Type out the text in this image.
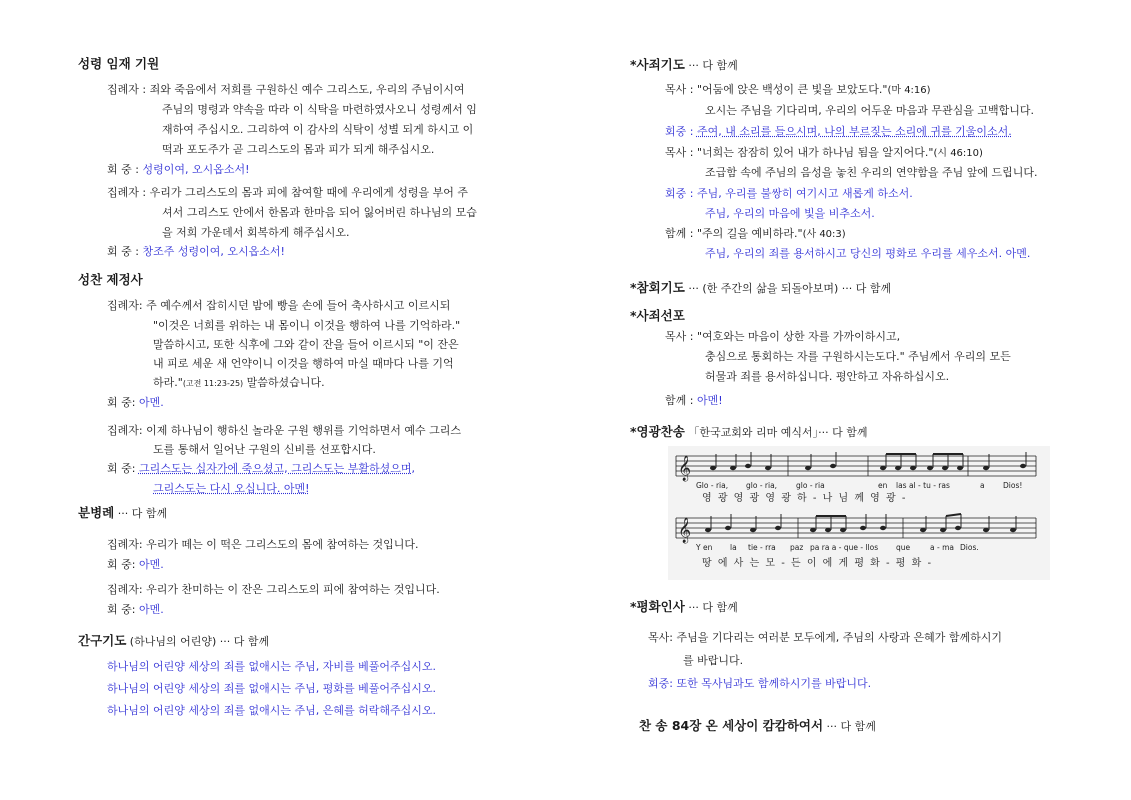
성령 임재 기원
집례자 : 죄와 죽음에서 저희를 구원하신 예수 그리스도, 우리의 주님이시여
주님의 명령과 약속을 따라 이 식탁을 마련하였사오니 성령께서 임
재하여 주십시오. 그리하여 이 감사의 식탁이 성별 되게 하시고 이
떡과 포도주가 곧 그리스도의 몸과 피가 되게 해주십시오.
회 중 : 성령이여, 오시옵소서!
집례자 : 우리가 그리스도의 몸과 피에 참여할 때에 우리에게 성령을 부어 주
셔서 그리스도 안에서 한몸과 한마음 되어 잃어버린 하나님의 모습
을 저희 가운데서 회복하게 해주십시오.
회 중 : 창조주 성령이여, 오시옵소서!
성찬 제정사
집례자: 주 예수께서 잡히시던 밤에 빵을 손에 들어 축사하시고 이르시되
"이것은 너희를 위하는 내 몸이니 이것을 행하여 나를 기억하라."
말씀하시고, 또한 식후에 그와 같이 잔을 들어 이르시되 "이 잔은
내 피로 세운 새 언약이니 이것을 행하여 마실 때마다 나를 기억
하라."(고전 11:23-25) 말씀하셨습니다.
회 중: 아멘.
집례자: 이제 하나님이 행하신 놀라운 구원 행위를 기억하면서 예수 그리스
도를 통해서 일어난 구원의 신비를 선포합시다.
회 중: 그리스도는 십자가에 죽으셨고, 그리스도는 부활하셨으며,
그리스도는 다시 오십니다. 아멘!
분병례 ··· 다 함께
집례자: 우리가 떼는 이 떡은 그리스도의 몸에 참여하는 것입니다.
회 중: 아멘.
집례자: 우리가 찬미하는 이 잔은 그리스도의 피에 참여하는 것입니다.
회 중: 아멘.
간구기도 (하나님의 어린양) ··· 다 함께
하나님의 어린양 세상의 죄를 없애시는 주님, 자비를 베풀어주십시오.
하나님의 어린양 세상의 죄를 없애시는 주님, 평화를 베풀어주십시오.
하나님의 어린양 세상의 죄를 없애시는 주님, 은혜를 허락해주십시오.
*사죄기도 ··· 다 함께
목사 : "어둠에 앉은 백성이 큰 빛을 보았도다."(마 4:16)
오시는 주님을 기다리며, 우리의 어두운 마음과 무관심을 고백합니다.
회중 : 주여, 내 소리를 들으시며, 나의 부르짖는 소리에 귀를 기울이소서.
목사 : "너희는 잠잠히 있어 내가 하나님 됨을 알지어다."(시 46:10)
조급함 속에 주님의 음성을 놓친 우리의 연약함을 주님 앞에 드립니다.
회중 : 주님, 우리를 불쌍히 여기시고 새롭게 하소서.
주님, 우리의 마음에 빛을 비추소서.
함께 : "주의 길을 예비하라."(사 40:3)
주님, 우리의 죄를 용서하시고 당신의 평화로 우리를 세우소서. 아멘.
*참회기도 ··· (한 주간의 삶을 되돌아보며) ··· 다 함께
*사죄선포
목사 : "여호와는 마음이 상한 자를 가까이하시고,
충심으로 통회하는 자를 구원하시는도다." 주님께서 우리의 모든
허물과 죄를 용서하십니다. 평안하고 자유하십시오.
함께 : 아멘!
*영광찬송 「한국교회와 리마 예식서」··· 다 함께
*평화인사 ··· 다 함께
목사: 주님을 기다리는 여러분 모두에게, 주님의 사랑과 은혜가 함께하시기
를 바랍니다.
회중: 또한 목사님과도 함께하시기를 바랍니다.
찬 송 84장 온 세상이 캄캄하여서 ··· 다 함께
𝄞
𝄞
Glo - ria, glo - ria,	glo - ria	en las al - tu - ras	a Dios!
영 광 영 광 영 광 하 - 나 님 께 영 광 -
Y en la tie - rra paz pa ra a - que - llos que	a - ma Dios.
땅 에 사 는 모 - 든 이 에 게 평 화 - 평 화 -
